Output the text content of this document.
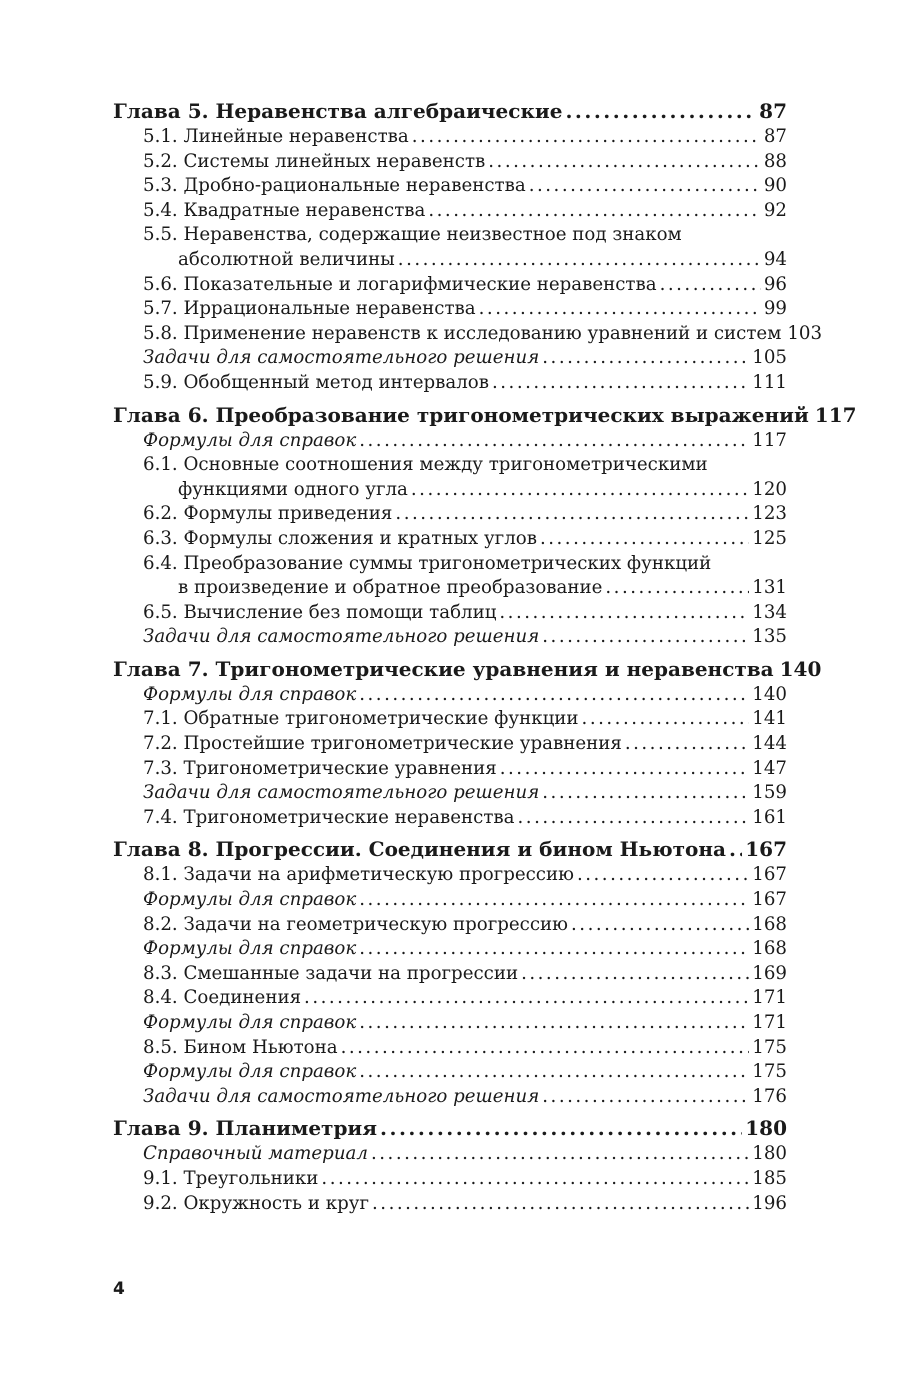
Глава 5. Неравенства алгебраические .....	87
5.1. Линейные неравенства .....	87
5.2. Системы линейных неравенств .....	88
5.3. Дробно-рациональные неравенства .....	90
5.4. Квадратные неравенства .....	92
5.5. Неравенства, содержащие неизвестное под знаком
абсолютной величины .....	94
5.6. Показательные и логарифмические неравенства .....	96
5.7. Иррациональные неравенства .....	99
5.8. Применение неравенств к исследованию уравнений и систем 103
Задачи для самостоятельного решения .....	105
5.9. Обобщенный метод интервалов .....	111
Глава 6. Преобразование тригонометрических выражений 117
Формулы для справок .....	117
6.1. Основные соотношения между тригонометрическими
функциями одного угла .....	120
6.2. Формулы приведения .....	123
6.3. Формулы сложения и кратных углов .....	125
6.4. Преобразование суммы тригонометрических функций
в произведение и обратное преобразование .....	131
6.5. Вычисление без помощи таблиц .....	134
Задачи для самостоятельного решения .....	135
Глава 7. Тригонометрические уравнения и неравенства 140
Формулы для справок .....	140
7.1. Обратные тригонометрические функции .....	141
7.2. Простейшие тригонометрические уравнения .....	144
7.3. Тригонометрические уравнения .....	147
Задачи для самостоятельного решения .....	159
7.4. Тригонометрические неравенства .....	161
Глава 8. Прогрессии. Соединения и бином Ньютона ..... 167
8.1. Задачи на арифметическую прогрессию .....	167
Формулы для справок .....	167
8.2. Задачи на геометрическую прогрессию .....	168
Формулы для справок .....	168
8.3. Смешанные задачи на прогрессии .....	169
8.4. Соединения .....	171
Формулы для справок .....	171
8.5. Бином Ньютона .....	175
Формулы для справок .....	175
Задачи для самостоятельного решения .....	176
Глава 9. Планиметрия .....	180
Справочный материал .....	180
9.1. Треугольники .....	185
9.2. Окружность и круг .....	196
4
